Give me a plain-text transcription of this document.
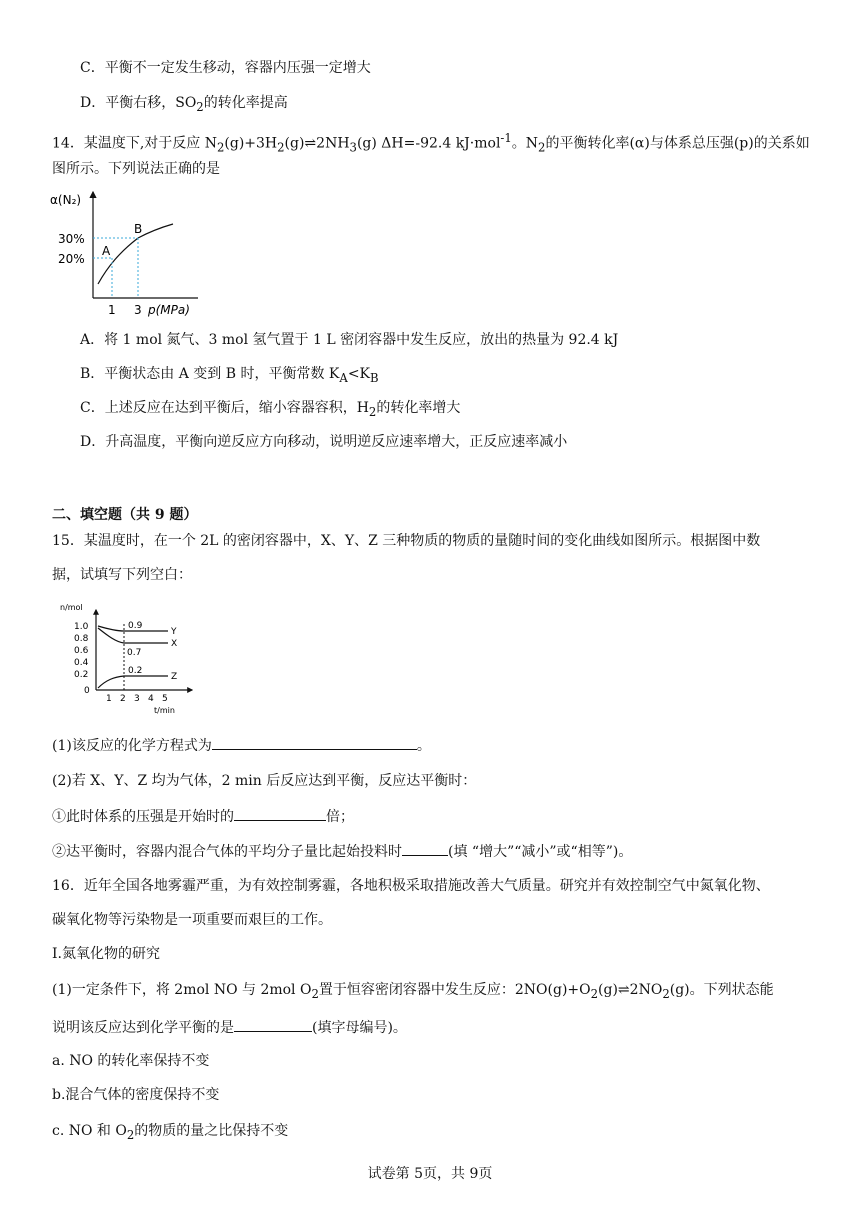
C．平衡不一定发生移动，容器内压强一定增大
D．平衡右移，$SO_2$的转化率提高
14．某温度下,对于反应 $N_2(g)+3H_2(g)\rightleftharpoons 2NH_3(g)$ ΔH=-92.4 kJ·mol$^{-1}$。$N_2$的平衡转化率(α)与体系总压强(p)的关系如
图所示。下列说法正确的是
α(N₂)
30%
20%
1 3 p(MPa)
A
B
A．将 1 mol 氮气、3 mol 氢气置于 1 L 密闭容器中发生反应，放出的热量为 92.4 kJ
B．平衡状态由 A 变到 B 时，平衡常数 $K_A<K_B$
C．上述反应在达到平衡后，缩小容器容积，$H_2$的转化率增大
D．升高温度，平衡向逆反应方向移动，说明逆反应速率增大，正反应速率减小
二、填空题（共 9 题）
15．某温度时，在一个 2L 的密闭容器中，X、Y、Z 三种物质的物质的量随时间的变化曲线如图所示。根据图中数
据，试填写下列空白：
n/mol
1.0
0.8
0.6
0.4
0.2
0
1 2 3 4 5
t/min
0.9
0.7
0.2
Y
X
Z
(1)该反应的化学方程式为	。
(2)若 X、Y、Z 均为气体，2 min 后反应达到平衡，反应达平衡时：
①此时体系的压强是开始时的	倍；
②达平衡时，容器内混合气体的平均分子量比起始投料时	(填 “增大”“减小”或“相等”)。
16．近年全国各地雾霾严重，为有效控制雾霾，各地积极采取措施改善大气质量。研究并有效控制空气中氮氧化物、
碳氧化物等污染物是一项重要而艰巨的工作。
I.氮氧化物的研究
(1)一定条件下，将 2mol NO 与 2mol $O_2$置于恒容密闭容器中发生反应：$2NO(g)+O_2(g)\rightleftharpoons 2NO_2(g)$。下列状态能
说明该反应达到化学平衡的是	(填字母编号)。
a. NO 的转化率保持不变
b.混合气体的密度保持不变
c. NO 和 $O_2$的物质的量之比保持不变
试卷第 5页，共 9页
